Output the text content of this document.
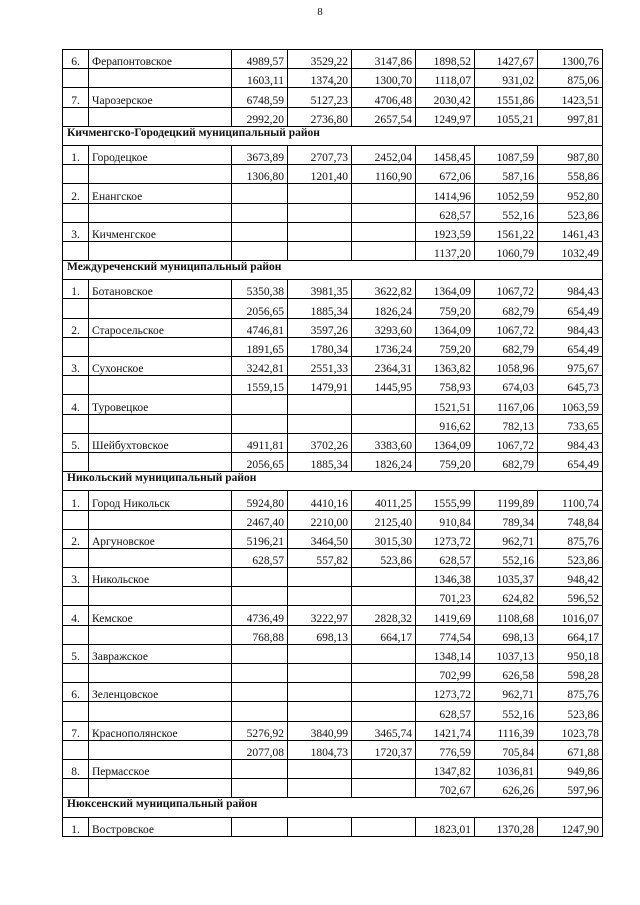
8
6.	Ферапонтовское	4989,57	3529,22	3147,86	1898,52	1427,67	1300,76
		1603,11	1374,20	1300,70	1118,07	931,02	875,06
7.	Чарозерское	6748,59	5127,23	4706,48	2030,42	1551,86	1423,51
		2992,20	2736,80	2657,54	1249,97	1055,21	997,81
Кичменгско-Городецкий муниципальный район							
1.	Городецкое	3673,89	2707,73	2452,04	1458,45	1087,59	987,80
		1306,80	1201,40	1160,90	672,06	587,16	558,86
2.	Енангское				1414,96	1052,59	952,80
					628,57	552,16	523,86
3.	Кичменгское				1923,59	1561,22	1461,43
					1137,20	1060,79	1032,49
Междуреченский муниципальный район							
1.	Ботановское	5350,38	3981,35	3622,82	1364,09	1067,72	984,43
		2056,65	1885,34	1826,24	759,20	682,79	654,49
2.	Старосельское	4746,81	3597,26	3293,60	1364,09	1067,72	984,43
		1891,65	1780,34	1736,24	759,20	682,79	654,49
3.	Сухонское	3242,81	2551,33	2364,31	1363,82	1058,96	975,67
		1559,15	1479,91	1445,95	758,93	674,03	645,73
4.	Туровецкое				1521,51	1167,06	1063,59
					916,62	782,13	733,65
5.	Шейбухтовское	4911,81	3702,26	3383,60	1364,09	1067,72	984,43
		2056,65	1885,34	1826,24	759,20	682,79	654,49
Никольский муниципальный район							
1.	Город Никольск	5924,80	4410,16	4011,25	1555,99	1199,89	1100,74
		2467,40	2210,00	2125,40	910,84	789,34	748,84
2.	Аргуновское	5196,21	3464,50	3015,30	1273,72	962,71	875,76
		628,57	557,82	523,86	628,57	552,16	523,86
3.	Никольское				1346,38	1035,37	948,42
					701,23	624,82	596,52
4.	Кемское	4736,49	3222,97	2828,32	1419,69	1108,68	1016,07
		768,88	698,13	664,17	774,54	698,13	664,17
5.	Завражское				1348,14	1037,13	950,18
					702,99	626,58	598,28
6.	Зеленцовское				1273,72	962,71	875,76
					628,57	552,16	523,86
7.	Краснополянское	5276,92	3840,99	3465,74	1421,74	1116,39	1023,78
		2077,08	1804,73	1720,37	776,59	705,84	671,88
8.	Пермасское				1347,82	1036,81	949,86
					702,67	626,26	597,96
Нюксенский муниципальный район							
1.	Востровское				1823,01	1370,28	1247,90
